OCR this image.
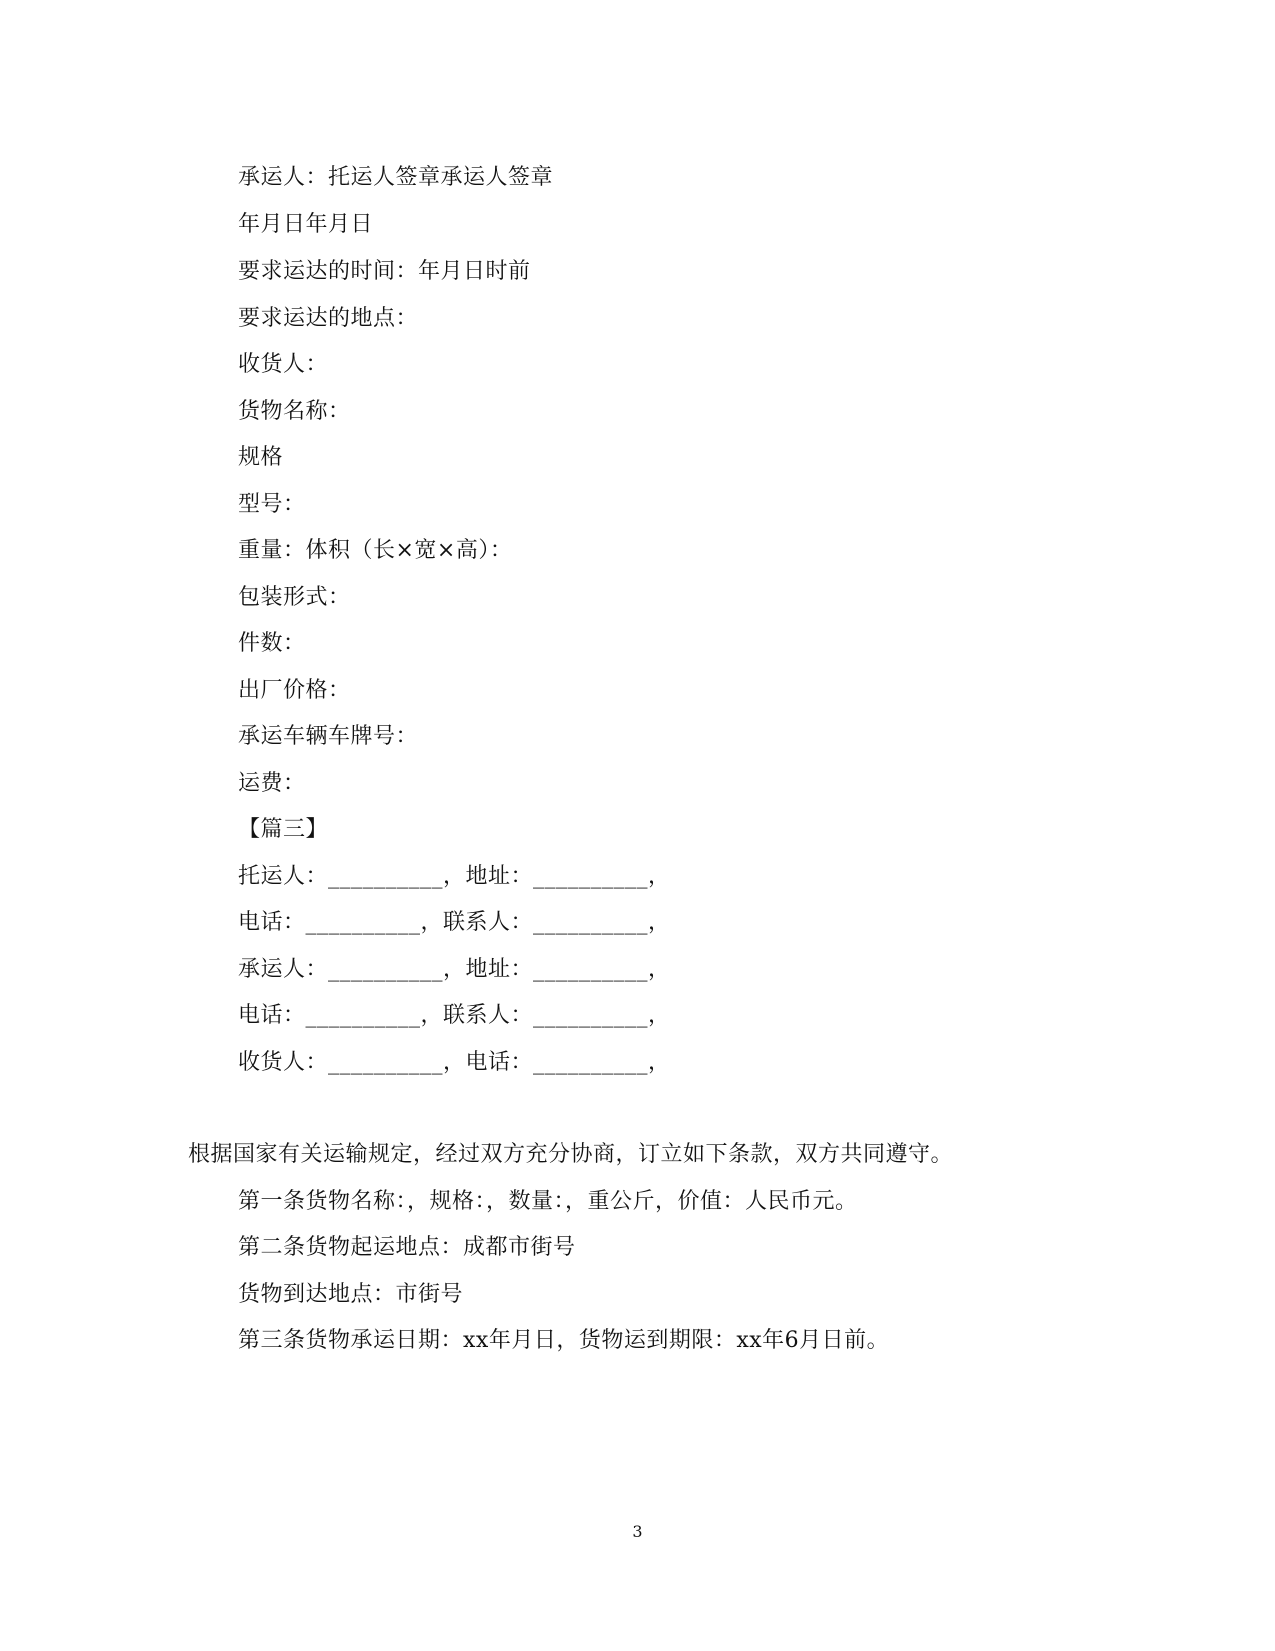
承运人：托运人签章承运人签章
年月日年月日
要求运达的时间：年月日时前
要求运达的地点：
收货人：
货物名称：
规格
型号：
重量：体积（长×宽×高）：
包装形式：
件数：
出厂价格：
承运车辆车牌号：
运费：
【篇三】
托运人：__________，地址：__________，
电话：__________，联系人：__________，
承运人：__________，地址：__________，
电话：__________，联系人：__________，
收货人：__________，电话：__________，
根据国家有关运输规定，经过双方充分协商，订立如下条款，双方共同遵守。
第一条货物名称：，规格：，数量：，重公斤，价值：人民币元。
第二条货物起运地点：成都市街号
货物到达地点：市街号
第三条货物承运日期：xx年月日，货物运到期限：xx年6月日前。
3
